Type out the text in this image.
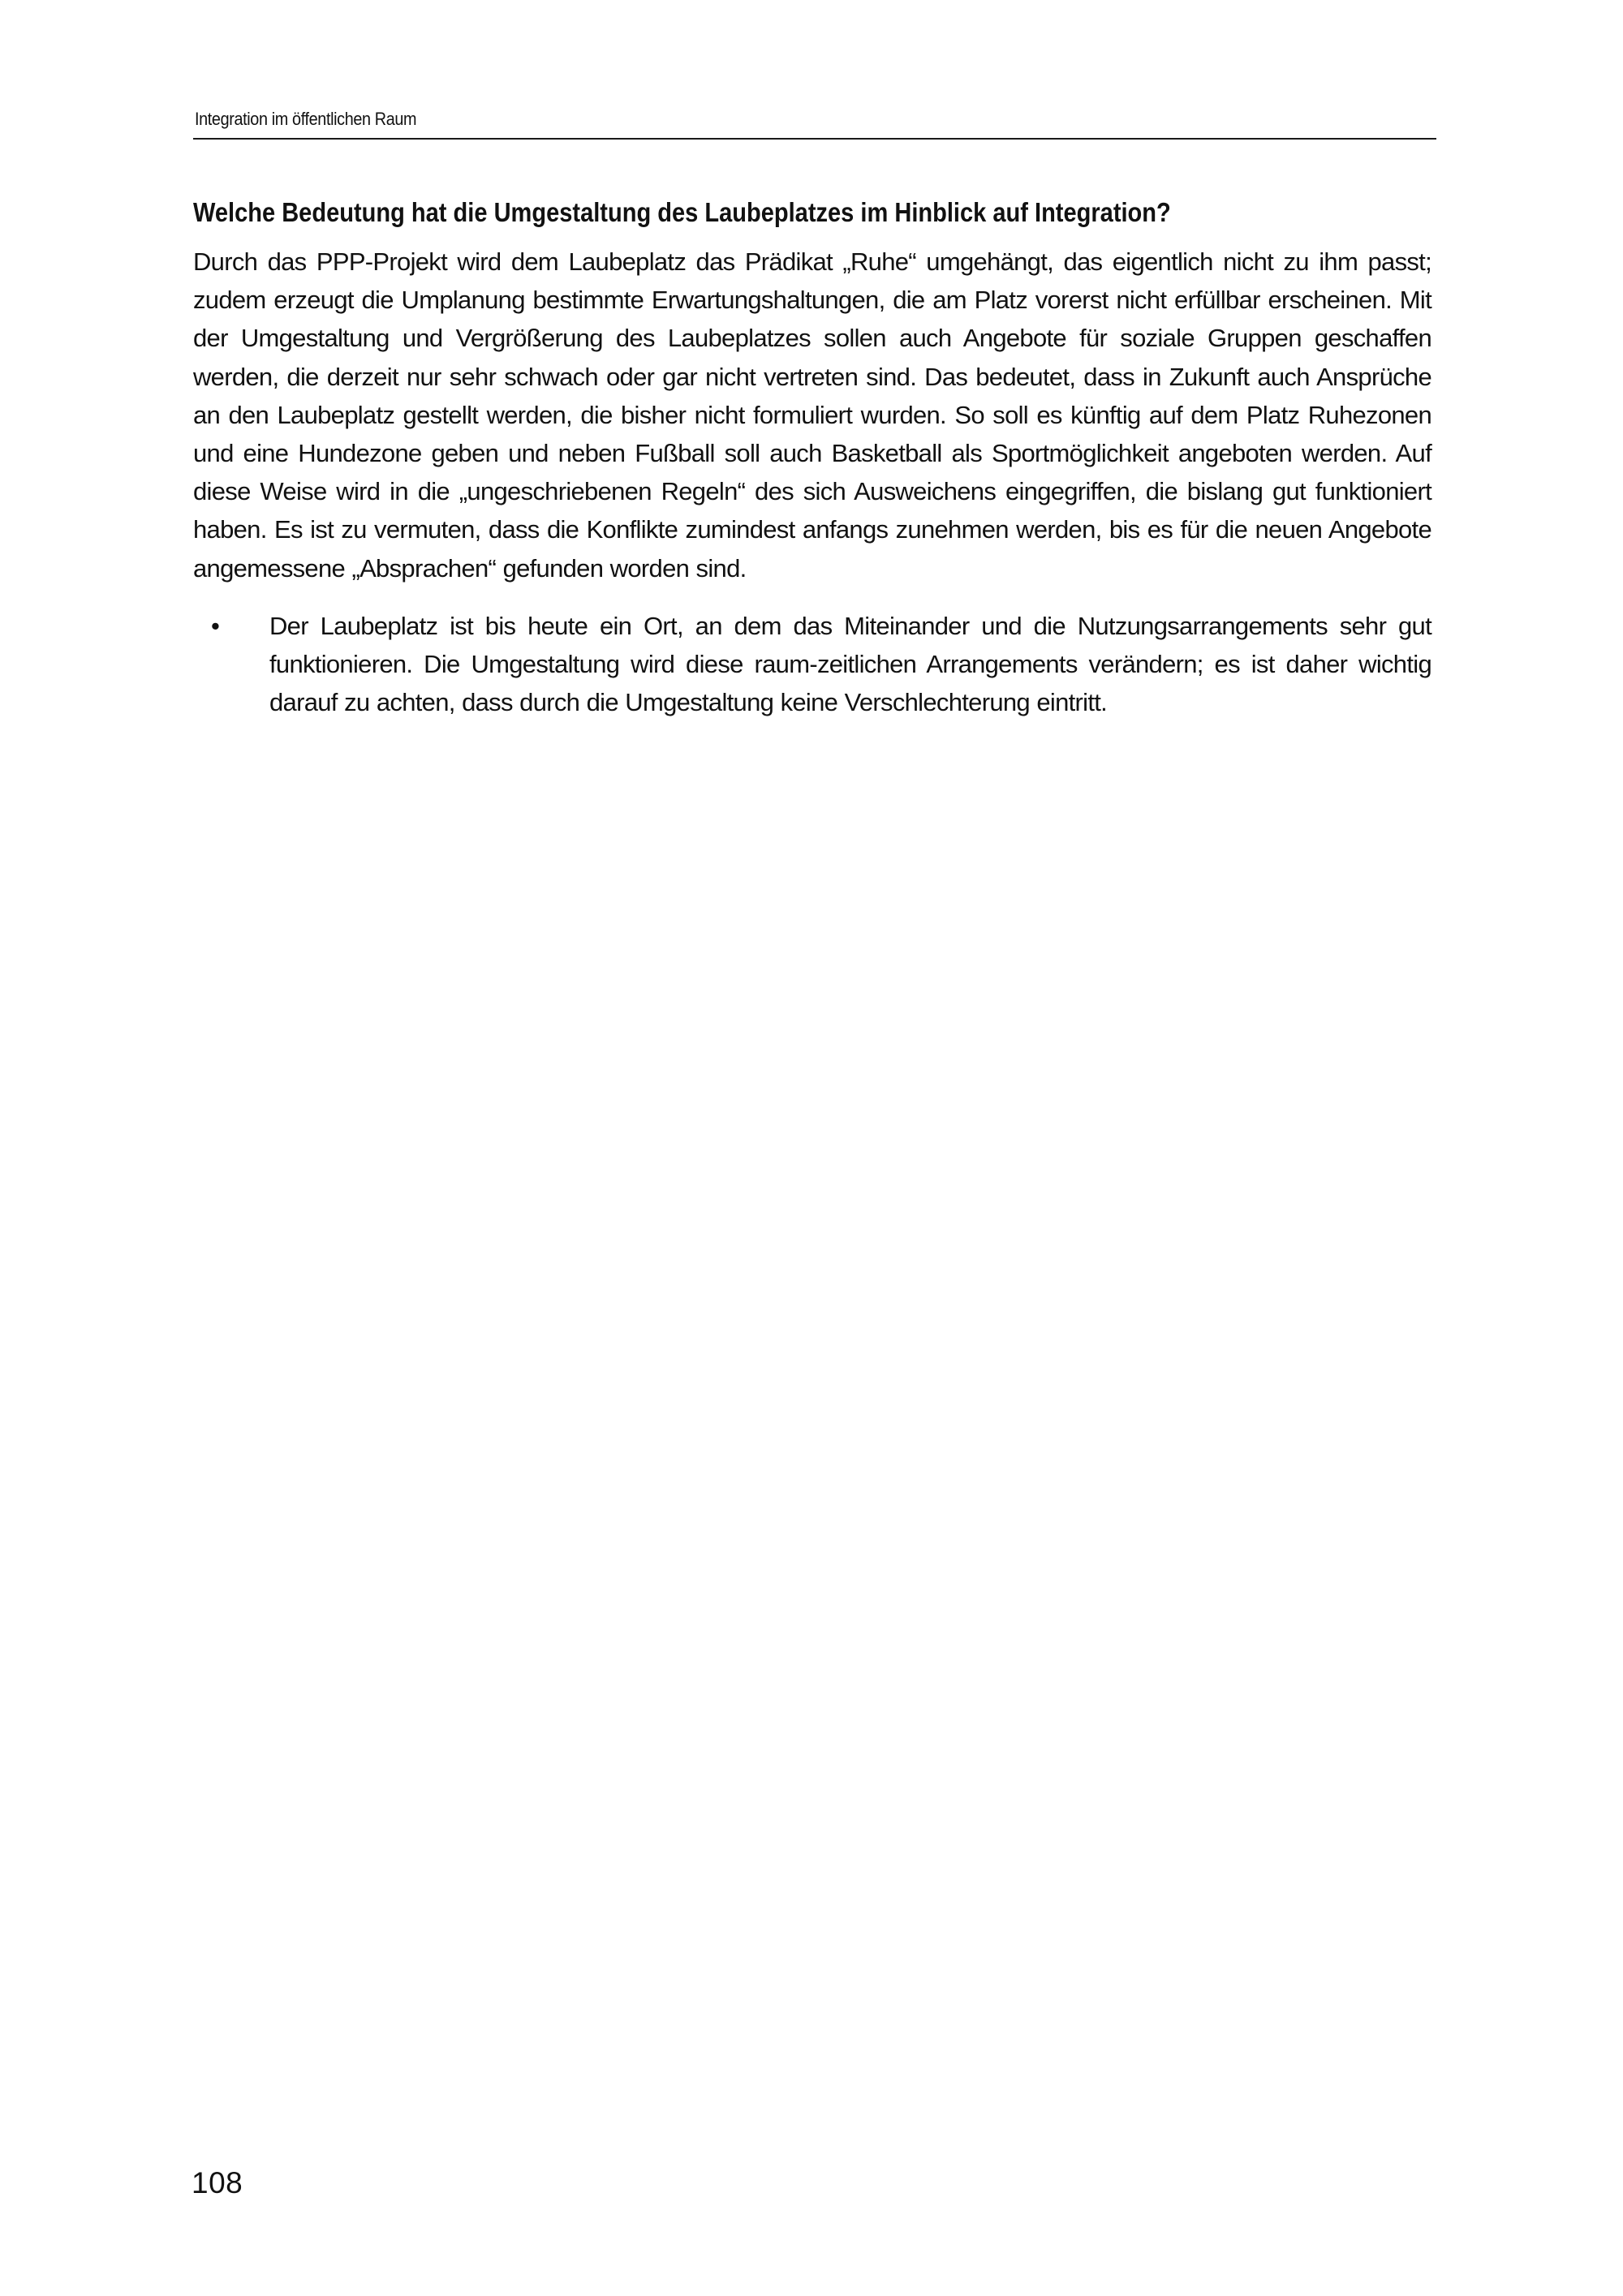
Integration im öffentlichen Raum
Welche Bedeutung hat die Umgestaltung des Laubeplatzes im Hinblick auf Integration?

Durch das PPP-Projekt wird dem Laubeplatz das Prädikat „Ruhe“ umgehängt, das eigentlich nicht zu ihm passt; zudem erzeugt die Umplanung bestimmte Erwartungshaltungen, die am Platz vorerst nicht erfüllbar erscheinen. Mit der Umgestaltung und Vergrößerung des Laubeplatzes sollen auch Angebote für soziale Gruppen geschaffen werden, die derzeit nur sehr schwach oder gar nicht vertreten sind. Das bedeutet, dass in Zukunft auch Ansprüche an den Laubeplatz gestellt werden, die bisher nicht formuliert wurden. So soll es künftig auf dem Platz Ruhezonen und eine Hundezone geben und neben Fußball soll auch Basketball als Sportmöglichkeit angeboten werden. Auf diese Weise wird in die „ungeschriebenen Regeln“ des sich Ausweichens eingegriffen, die bislang gut funktioniert haben. Es ist zu vermuten, dass die Konflikte zumindest anfangs zunehmen werden, bis es für die neuen Angebote angemessene „Absprachen“ gefunden worden sind.

• Der Laubeplatz ist bis heute ein Ort, an dem das Miteinander und die Nutzungsarrangements sehr gut funktionieren. Die Umgestaltung wird diese raum-zeitlichen Arrangements verändern; es ist daher wichtig darauf zu achten, dass durch die Umgestaltung keine Verschlechterung eintritt.
108
